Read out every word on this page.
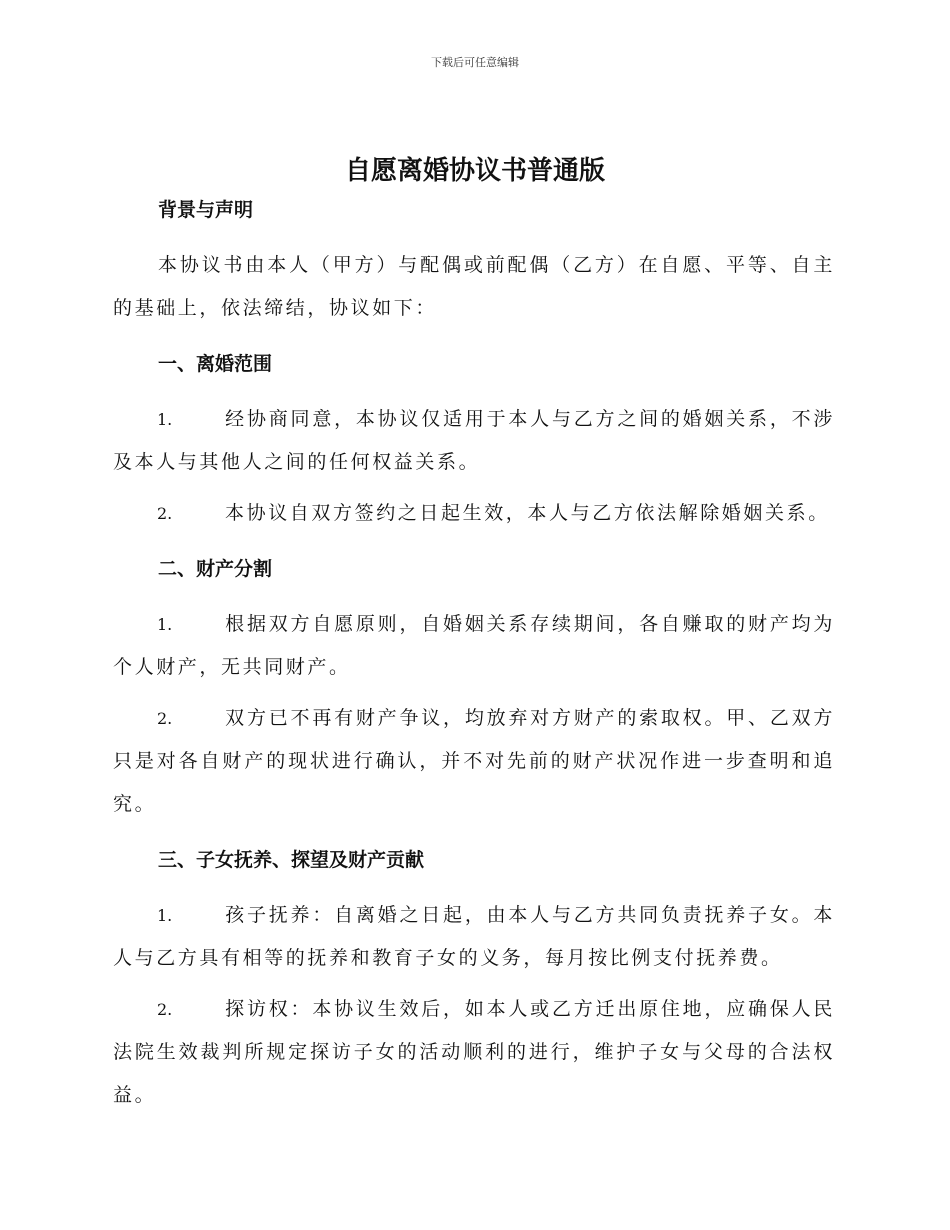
下载后可任意编辑
自愿离婚协议书普通版
背景与声明
本协议书由本人（甲方）与配偶或前配偶（乙方）在自愿、平等、自主的基础上，依法缔结，协议如下：
一、离婚范围
1.	经协商同意，本协议仅适用于本人与乙方之间的婚姻关系，不涉及本人与其他人之间的任何权益关系。
2.	本协议自双方签约之日起生效，本人与乙方依法解除婚姻关系。
二、财产分割
1.	根据双方自愿原则，自婚姻关系存续期间，各自赚取的财产均为个人财产，无共同财产。
2.	双方已不再有财产争议，均放弃对方财产的索取权。甲、乙双方只是对各自财产的现状进行确认，并不对先前的财产状况作进一步查明和追究。
三、子女抚养、探望及财产贡献
1.	孩子抚养：自离婚之日起，由本人与乙方共同负责抚养子女。本人与乙方具有相等的抚养和教育子女的义务，每月按比例支付抚养费。
2.	探访权：本协议生效后，如本人或乙方迁出原住地，应确保人民法院生效裁判所规定探访子女的活动顺利的进行，维护子女与父母的合法权益。
